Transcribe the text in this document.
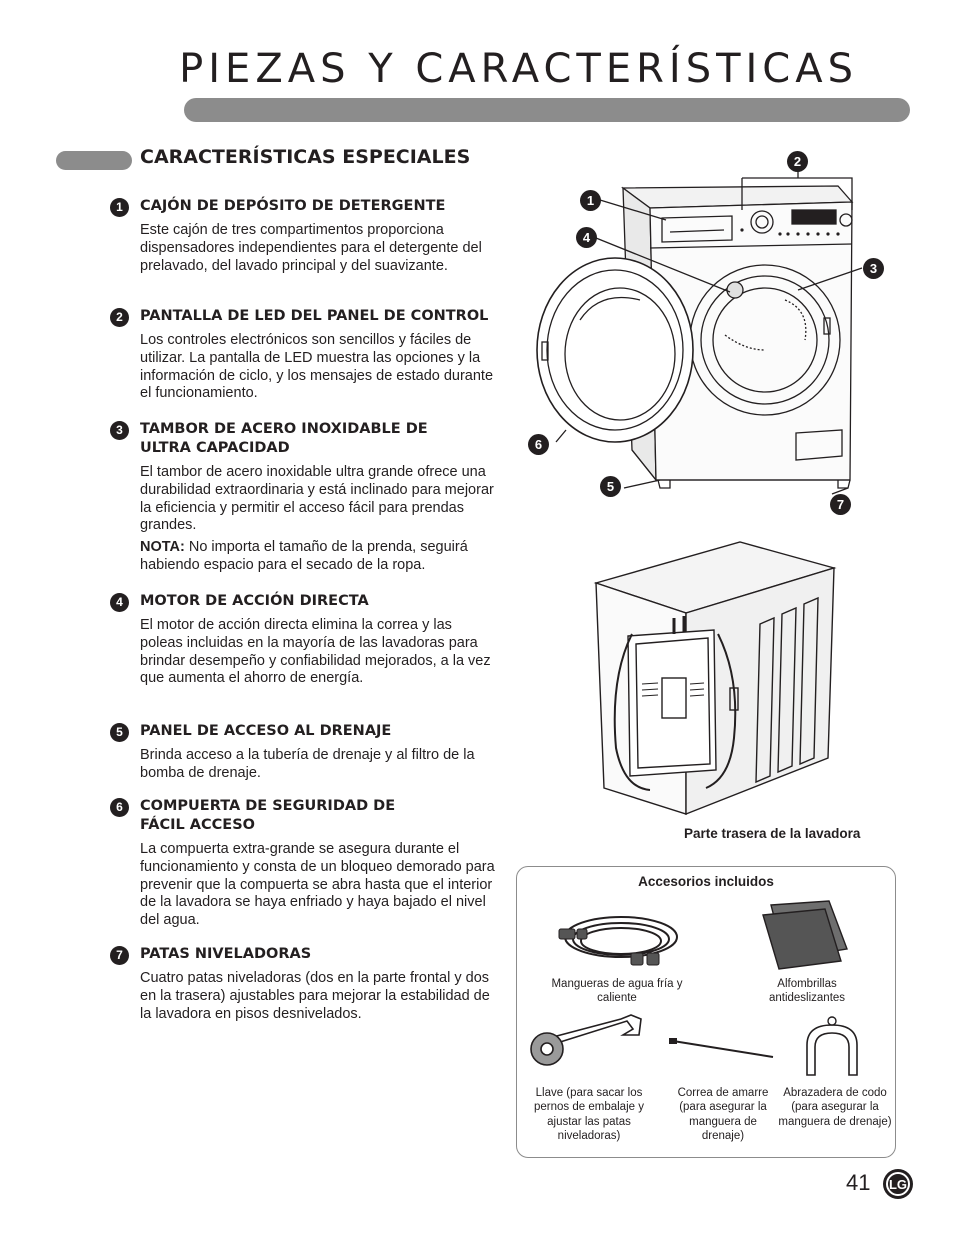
PIEZAS Y CARACTERÍSTICAS
CARACTERÍSTICAS ESPECIALES
1	CAJÓN DE DEPÓSITO DE DETERGENTE

Este cajón de tres compartimentos proporciona dispensadores independientes para el detergente del prelavado, del lavado principal y del suavizante.

2	PANTALLA DE LED DEL PANEL DE CONTROL

Los controles electrónicos son sencillos y fáciles de utilizar. La pantalla de LED muestra las opciones y la información de ciclo, y los mensajes de estado durante el funcionamiento.

3	TAMBOR DE ACERO INOXIDABLE DE ULTRA CAPACIDAD

El tambor de acero inoxidable ultra grande ofrece una durabilidad extraordinaria y está inclinado para mejorar la eficiencia y permitir el acceso fácil para prendas grandes.

NOTA: No importa el tamaño de la prenda, seguirá habiendo espacio para el secado de la ropa.

4	MOTOR DE ACCIÓN DIRECTA

El motor de acción directa elimina la correa y las poleas incluidas en la mayoría de las lavadoras para brindar desempeño y confiabilidad mejorados, a la vez que aumenta el ahorro de energía.

5	PANEL DE ACCESO AL DRENAJE

Brinda acceso a la tubería de drenaje y al filtro de la bomba de drenaje.

6	COMPUERTA DE SEGURIDAD DE FÁCIL ACCESO

La compuerta extra-grande se asegura durante el funcionamiento y consta de un bloqueo demorado para prevenir que la compuerta se abra hasta que el interior de la lavadora se haya enfriado y haya bajado el nivel del agua.

7	PATAS NIVELADORAS

Cuatro patas niveladoras (dos en la parte frontal y dos en la trasera) ajustables para mejorar la estabilidad de la lavadora en pisos desnivelados.

2
1
4
3
6
5
7

Parte trasera de la lavadora

Accesorios incluidos

Mangueras de agua fría y caliente

Alfombrillas antideslizantes

Llave (para sacar los pernos de embalaje y ajustar las patas niveladoras)

Correa de amarre (para asegurar la manguera de drenaje)

Abrazadera de codo (para asegurar la manguera de drenaje)

41 LG
